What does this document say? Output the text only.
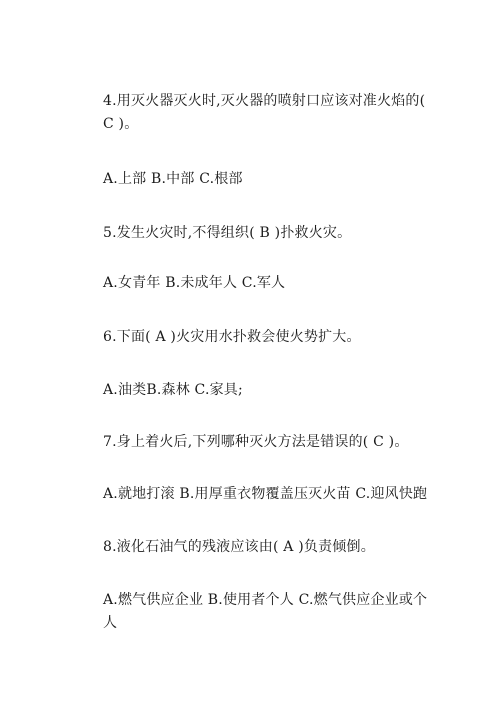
4.用灭火器灭火时,灭火器的喷射口应该对准火焰的( C )。
A.上部 B.中部 C.根部
5.发生火灾时,不得组织( B )扑救火灾。
A.女青年 B.未成年人 C.军人
6.下面( A )火灾用水扑救会使火势扩大。
A.油类B.森林 C.家具;
7.身上着火后,下列哪种灭火方法是错误的( C )。
A.就地打滚 B.用厚重衣物覆盖压灭火苗 C.迎风快跑
8.液化石油气的残液应该由( A )负责倾倒。
A.燃气供应企业 B.使用者个人 C.燃气供应企业或个人
